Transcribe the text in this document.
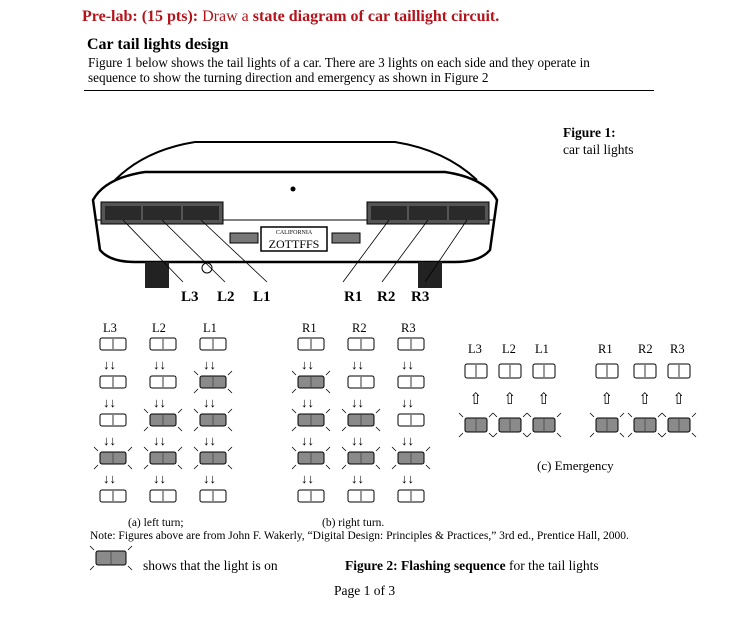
Pre-lab: (15 pts): Draw a state diagram of car taillight circuit.
Car tail lights design
Figure 1 below shows the tail lights of a car. There are 3 lights on each side and they operate in
sequence to show the turning direction and emergency as shown in Figure 2
Figure 1:
car tail lights
CALIFORNIA
ZOTTFFS
L3 L2 L1	R1 R2 R3
L3	L2	L1	R1	R2	R3
L3 L2 L1	R1 R2 R3
↓↓	↓↓	↓↓
↓↓	↓↓	↓↓
↓↓	↓↓	↓↓
↓↓	↓↓	↓↓
↓↓	↓↓	↓↓
↓↓	↓↓	↓↓
↓↓	↓↓	↓↓
↓↓	↓↓	↓↓
⇧ ⇧ ⇧	⇧ ⇧ ⇧
(a) left turn;	(b) right turn.
(c) Emergency
Note: Figures above are from John F. Wakerly, “Digital Design: Principles & Practices,” 3rd ed., Prentice Hall, 2000.
shows that the light is on	Figure 2: Flashing sequence for the tail lights
Page 1 of 3
